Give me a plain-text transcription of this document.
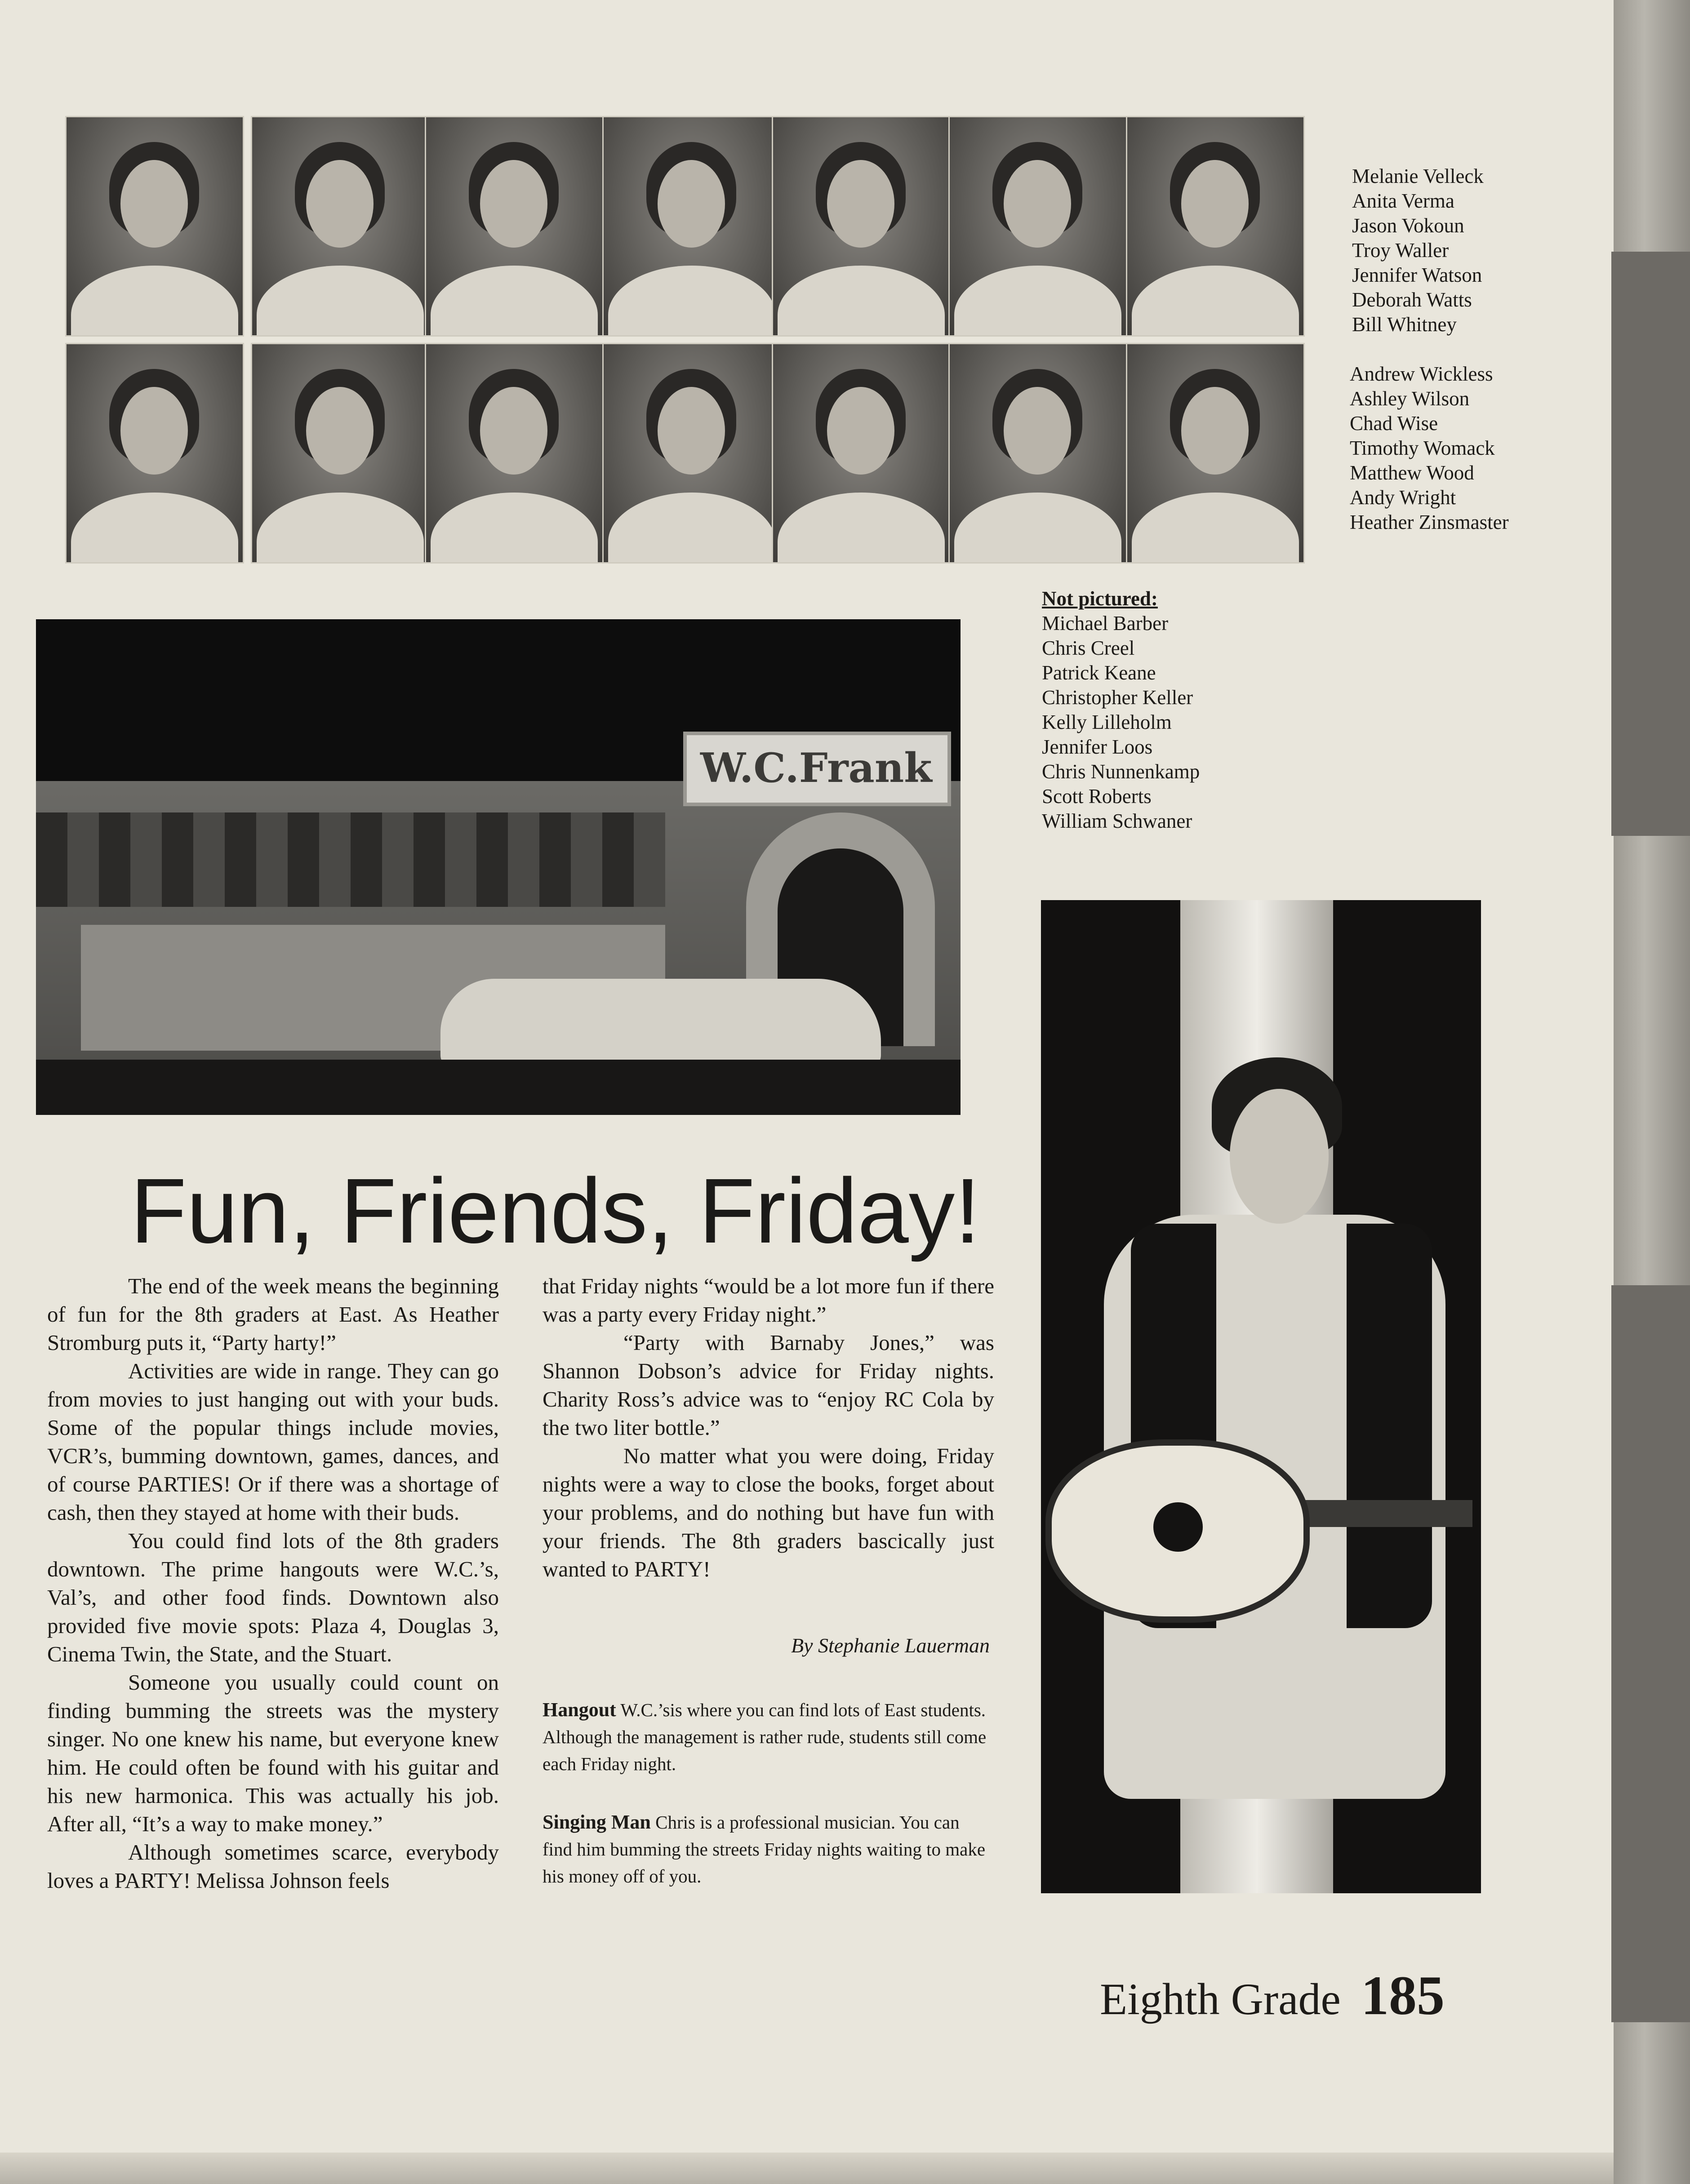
Melanie Velleck
Anita Verma
Jason Vokoun
Troy Waller
Jennifer Watson
Deborah Watts
Bill Whitney
Andrew Wickless
Ashley Wilson
Chad Wise
Timothy Womack
Matthew Wood
Andy Wright
Heather Zinsmaster
Not pictured:
Michael Barber
Chris Creel
Patrick Keane
Christopher Keller
Kelly Lilleholm
Jennifer Loos
Chris Nunnenkamp
Scott Roberts
William Schwaner
W.C.Frank
Fun, Friends, Friday!

The end of the week means the beginning of fun for the 8th graders at East. As Heather Stromburg puts it, “Party harty!”

Activities are wide in range. They can go from movies to just hanging out with your buds. Some of the popular things include movies, VCR’s, bumming downtown, games, dances, and of course PARTIES! Or if there was a shortage of cash, then they stayed at home with their buds.

You could find lots of the 8th graders downtown. The prime hangouts were W.C.’s, Val’s, and other food finds. Downtown also provided five movie spots: Plaza 4, Douglas 3, Cinema Twin, the State, and the Stuart.

Someone you usually could count on finding bumming the streets was the mystery singer. No one knew his name, but everyone knew him. He could often be found with his guitar and his new harmonica. This was actually his job. After all, “It’s a way to make money.”

Although sometimes scarce, everybody loves a PARTY! Melissa Johnson feels

that Friday nights “would be a lot more fun if there was a party every Friday night.”

“Party with Barnaby Jones,” was Shannon Dobson’s advice for Friday nights. Charity Ross’s advice was to “enjoy RC Cola by the two liter bottle.”

No matter what you were doing, Friday nights were a way to close the books, forget about your problems, and do nothing but have fun with your friends. The 8th graders bascically just wanted to PARTY!

By Stephanie Lauerman
Hangout W.C.’sis where you can find lots of East students. Although the management is rather rude, students still come each Friday night.
Singing Man Chris is a professional musician. You can find him bumming the streets Friday nights waiting to make his money off of you.
Eighth Grade 185
